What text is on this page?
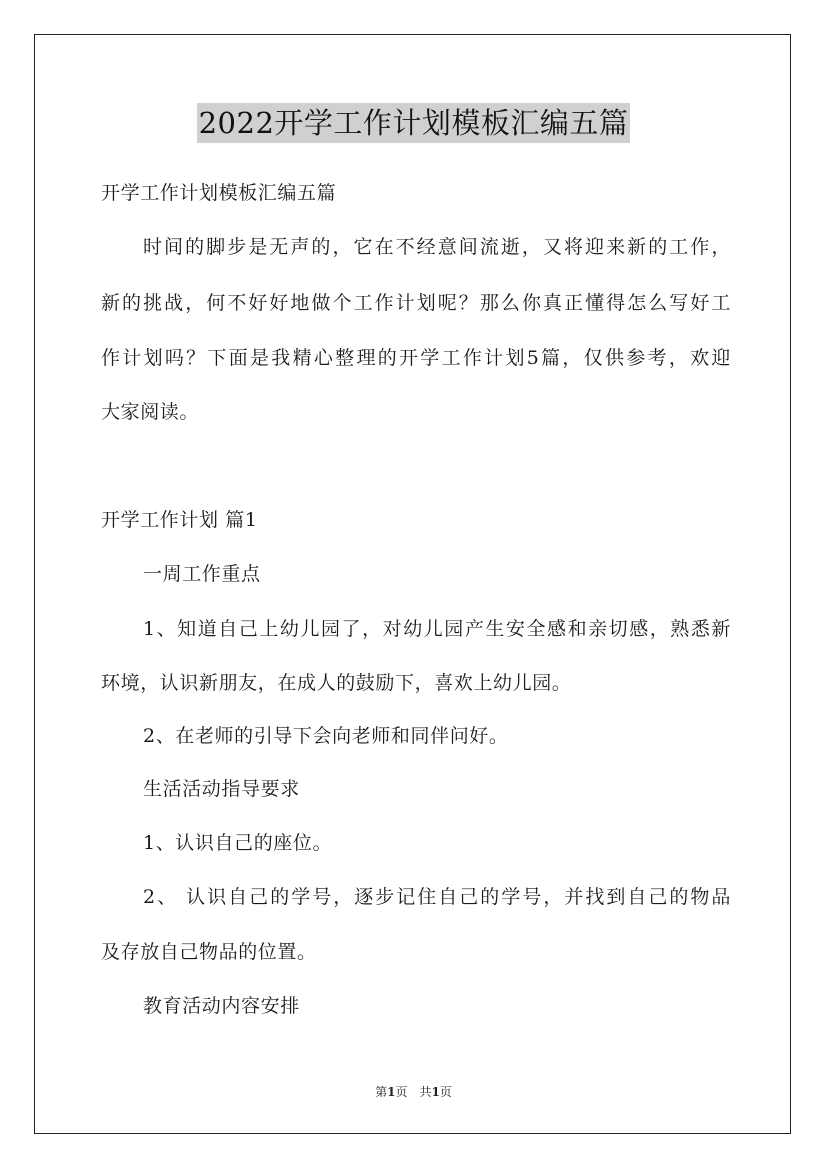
2022开学工作计划模板汇编五篇
开学工作计划模板汇编五篇
时间的脚步是无声的，它在不经意间流逝，又将迎来新的工作，
新的挑战，何不好好地做个工作计划呢？那么你真正懂得怎么写好工
作计划吗？下面是我精心整理的开学工作计划5篇，仅供参考，欢迎
大家阅读。
开学工作计划 篇1
一周工作重点
1、知道自己上幼儿园了，对幼儿园产生安全感和亲切感，熟悉新
环境，认识新朋友，在成人的鼓励下，喜欢上幼儿园。
2、在老师的引导下会向老师和同伴问好。
生活活动指导要求
1、认识自己的座位。
2、 认识自己的学号，逐步记住自己的学号，并找到自己的物品
及存放自己物品的位置。
教育活动内容安排
第1页　共1页
